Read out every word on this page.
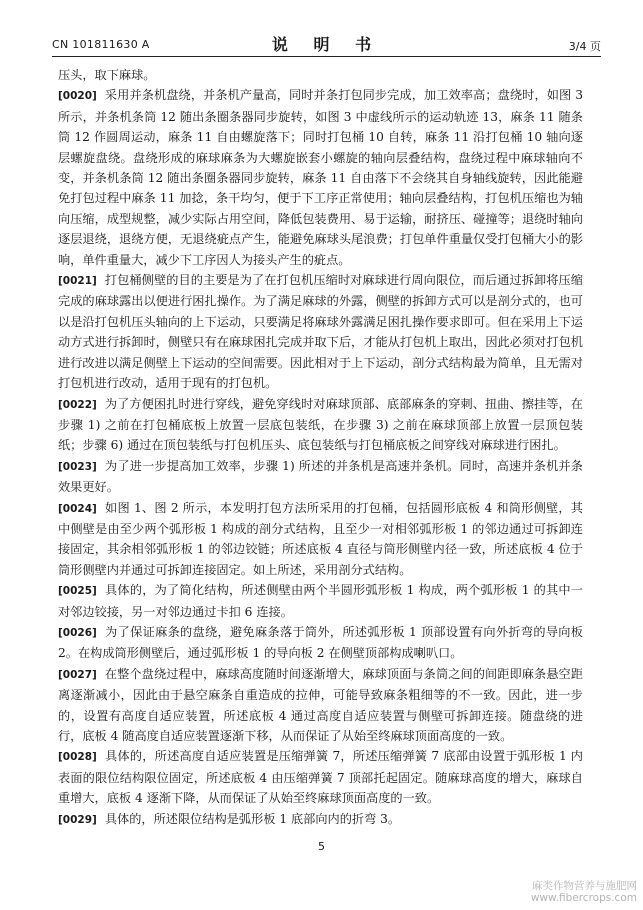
CN 101811630 A	说 明 书	3/4 页

压头，取下麻球。

[0020] 采用并条机盘绕，并条机产量高，同时并条打包同步完成，加工效率高；盘绕时，如图 3 所示，并条机条筒 12 随出条圈条器同步旋转，如图 3 中虚线所示的运动轨迹 13，麻条 11 随条筒 12 作圆周运动，麻条 11 自由螺旋落下；同时打包桶 10 自转，麻条 11 沿打包桶 10 轴向逐层螺旋盘绕。盘绕形成的麻球麻条为大螺旋嵌套小螺旋的轴向层叠结构，盘绕过程中麻球轴向不变，并条机条筒 12 随出条圈条器同步旋转，麻条 11 自由落下不会绕其自身轴线旋转，因此能避免打包过程中麻条 11 加捻，条干均匀，便于下工序正常使用；轴向层叠结构，打包机压缩也为轴向压缩，成型规整，减少实际占用空间，降低包装费用、易于运输，耐挤压、碰撞等；退绕时轴向逐层退绕，退绕方便，无退绕疵点产生，能避免麻球头尾浪费；打包单件重量仅受打包桶大小的影响，单件重量大，减少下工序因人为接头产生的疵点。

[0021] 打包桶侧壁的目的主要是为了在打包机压缩时对麻球进行周向限位，而后通过拆卸将压缩完成的麻球露出以便进行困扎操作。为了满足麻球的外露，侧壁的拆卸方式可以是剖分式的，也可以是沿打包机压头轴向的上下运动，只要满足将麻球外露满足困扎操作要求即可。但在采用上下运动方式进行拆卸时，侧壁只有在麻球困扎完成并取下后，才能从打包机上取出，因此必须对打包机进行改进以满足侧壁上下运动的空间需要。因此相对于上下运动，剖分式结构最为简单，且无需对打包机进行改动，适用于现有的打包机。

[0022] 为了方便困扎时进行穿线，避免穿线时对麻球顶部、底部麻条的穿刺、扭曲、擦挂等，在步骤 1) 之前在打包桶底板上放置一层底包装纸，在步骤 3) 之前在麻球顶部上放置一层顶包装纸；步骤 6) 通过在顶包装纸与打包机压头、底包装纸与打包桶底板之间穿线对麻球进行困扎。

[0023] 为了进一步提高加工效率，步骤 1) 所述的并条机是高速并条机。同时，高速并条机并条效果更好。

[0024] 如图 1、图 2 所示，本发明打包方法所采用的打包桶，包括圆形底板 4 和筒形侧壁，其中侧壁是由至少两个弧形板 1 构成的剖分式结构，且至少一对相邻弧形板 1 的邻边通过可拆卸连接固定，其余相邻弧形板 1 的邻边铰链；所述底板 4 直径与筒形侧壁内径一致，所述底板 4 位于筒形侧壁内并通过可拆卸连接固定。如上所述，采用剖分式结构。

[0025] 具体的，为了简化结构，所述侧壁由两个半圆形弧形板 1 构成，两个弧形板 1 的其中一对邻边铰接，另一对邻边通过卡扣 6 连接。

[0026] 为了保证麻条的盘绕，避免麻条落于筒外，所述弧形板 1 顶部设置有向外折弯的导向板 2。在构成筒形侧壁后，通过弧形板 1 的导向板 2 在侧壁顶部构成喇叭口。

[0027] 在整个盘绕过程中，麻球高度随时间逐渐增大，麻球顶面与条筒之间的间距即麻条悬空距离逐渐减小，因此由于悬空麻条自重造成的拉伸，可能导致麻条粗细等的不一致。因此，进一步的，设置有高度自适应装置，所述底板 4 通过高度自适应装置与侧壁可拆卸连接。随盘绕的进行，底板 4 随高度自适应装置逐渐下移，从而保证了从始至终麻球顶面高度的一致。

[0028] 具体的，所述高度自适应装置是压缩弹簧 7，所述压缩弹簧 7 底部由设置于弧形板 1 内表面的限位结构限位固定，所述底板 4 由压缩弹簧 7 顶部托起固定。随麻球高度的增大，麻球自重增大，底板 4 逐渐下降，从而保证了从始至终麻球顶面高度的一致。

[0029] 具体的，所述限位结构是弧形板 1 底部向内的折弯 3。

5
麻类作物营养与施肥网
www.fibercrops.com
